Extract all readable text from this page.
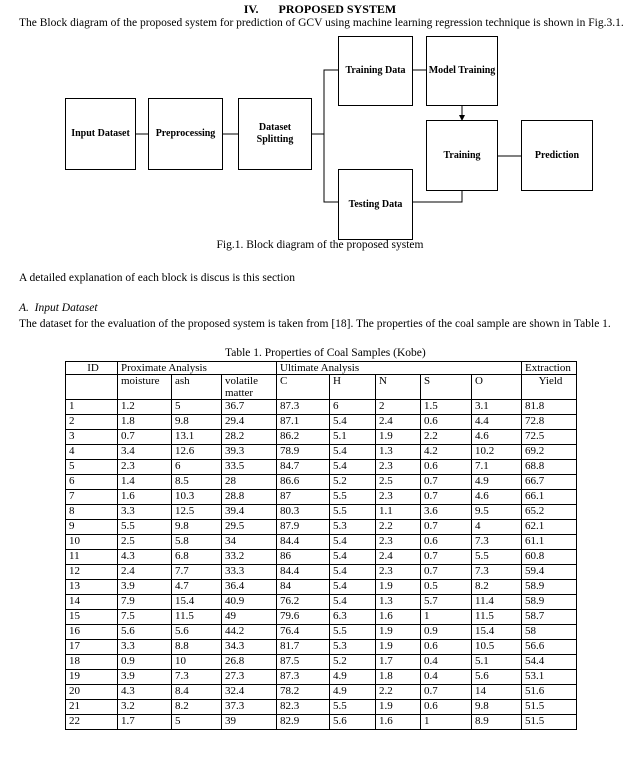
IV. PROPOSED SYSTEM
The Block diagram of the proposed system for prediction of GCV using machine learning regression technique is shown in Fig.3.1.
Input Dataset	Preprocessing
Dataset
Splitting
Training Data Model Training
Training	Prediction
Testing Data
Fig.1. Block diagram of the proposed system
A detailed explanation of each block is discus is this section
A. Input Dataset
The dataset for the evaluation of the proposed system is taken from [18]. The properties of the coal sample are shown in Table 1.
Table 1. Properties of Coal Samples (Kobe)
ID	Proximate Analysis			Ultimate Analysis					Extraction
	moisture	ash	volatile
matter	C	H	N	S	O	Yield
1	1.2	5	36.7	87.3	6	2	1.5	3.1	81.8
2	1.8	9.8	29.4	87.1	5.4	2.4	0.6	4.4	72.8
3	0.7	13.1	28.2	86.2	5.1	1.9	2.2	4.6	72.5
4	3.4	12.6	39.3	78.9	5.4	1.3	4.2	10.2	69.2
5	2.3	6	33.5	84.7	5.4	2.3	0.6	7.1	68.8
6	1.4	8.5	28	86.6	5.2	2.5	0.7	4.9	66.7
7	1.6	10.3	28.8	87	5.5	2.3	0.7	4.6	66.1
8	3.3	12.5	39.4	80.3	5.5	1.1	3.6	9.5	65.2
9	5.5	9.8	29.5	87.9	5.3	2.2	0.7	4	62.1
10	2.5	5.8	34	84.4	5.4	2.3	0.6	7.3	61.1
11	4.3	6.8	33.2	86	5.4	2.4	0.7	5.5	60.8
12	2.4	7.7	33.3	84.4	5.4	2.3	0.7	7.3	59.4
13	3.9	4.7	36.4	84	5.4	1.9	0.5	8.2	58.9
14	7.9	15.4	40.9	76.2	5.4	1.3	5.7	11.4	58.9
15	7.5	11.5	49	79.6	6.3	1.6	1	11.5	58.7
16	5.6	5.6	44.2	76.4	5.5	1.9	0.9	15.4	58
17	3.3	8.8	34.3	81.7	5.3	1.9	0.6	10.5	56.6
18	0.9	10	26.8	87.5	5.2	1.7	0.4	5.1	54.4
19	3.9	7.3	27.3	87.3	4.9	1.8	0.4	5.6	53.1
20	4.3	8.4	32.4	78.2	4.9	2.2	0.7	14	51.6
21	3.2	8.2	37.3	82.3	5.5	1.9	0.6	9.8	51.5
22	1.7	5	39	82.9	5.6	1.6	1	8.9	51.5
